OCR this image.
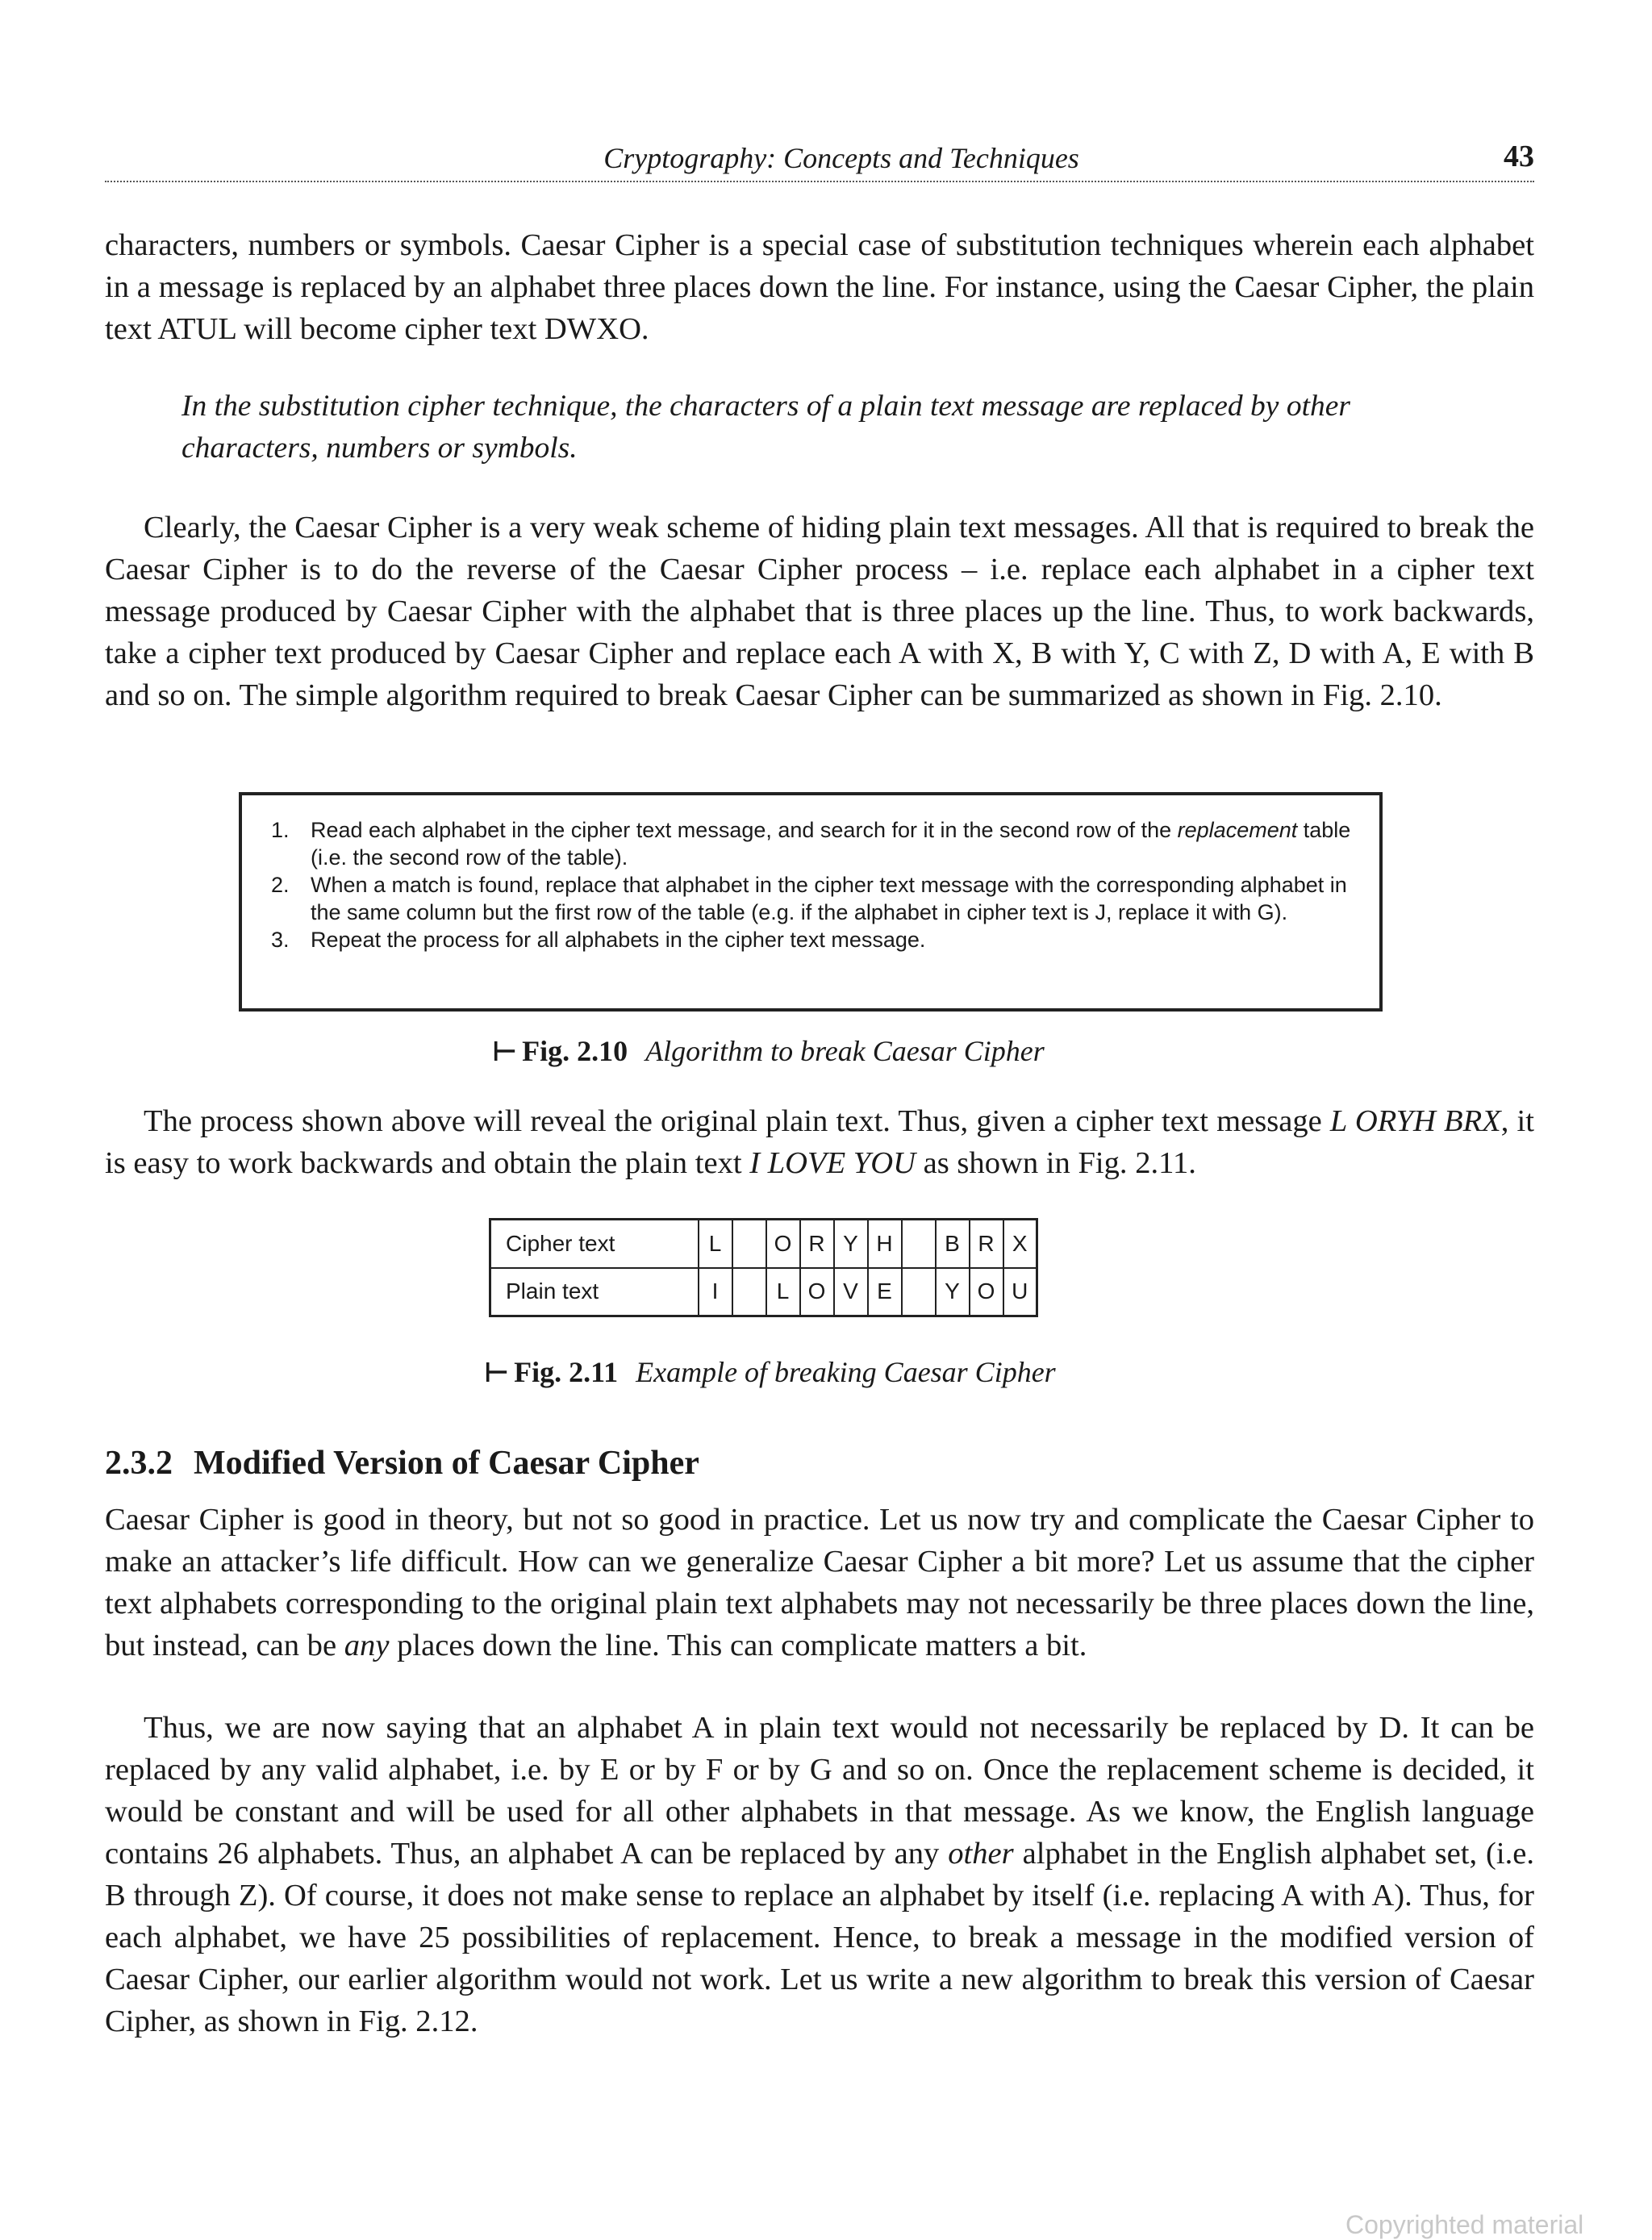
Cryptography: Concepts and Techniques	43

characters, numbers or symbols. Caesar Cipher is a special case of substitution techniques wherein each alphabet in a message is replaced by an alphabet three places down the line. For instance, using the Caesar Cipher, the plain text ATUL will become cipher text DWXO.

In the substitution cipher technique, the characters of a plain text message are replaced by other characters, numbers or symbols.

Clearly, the Caesar Cipher is a very weak scheme of hiding plain text messages. All that is required to break the Caesar Cipher is to do the reverse of the Caesar Cipher process – i.e. replace each alphabet in a cipher text message produced by Caesar Cipher with the alphabet that is three places up the line. Thus, to work backwards, take a cipher text produced by Caesar Cipher and replace each A with X, B with Y, C with Z, D with A, E with B and so on. The simple algorithm required to break Caesar Cipher can be summarized as shown in Fig. 2.10.

1. Read each alphabet in the cipher text message, and search for it in the second row of the replacement table (i.e. the second row of the table).
2. When a match is found, replace that alphabet in the cipher text message with the corresponding alphabet in the same column but the first row of the table (e.g. if the alphabet in cipher text is J, replace it with G).
3. Repeat the process for all alphabets in the cipher text message.
⊢ Fig. 2.10 Algorithm to break Caesar Cipher

The process shown above will reveal the original plain text. Thus, given a cipher text message L ORYH BRX, it is easy to work backwards and obtain the plain text I LOVE YOU as shown in Fig. 2.11.

Cipher text	L		O	R	Y	H		B	R	X
Plain text	I		L	O	V	E		Y	O	U
⊢ Fig. 2.11 Example of breaking Caesar Cipher
2.3.2 Modified Version of Caesar Cipher

Caesar Cipher is good in theory, but not so good in practice. Let us now try and complicate the Caesar Cipher to make an attacker’s life difficult. How can we generalize Caesar Cipher a bit more? Let us assume that the cipher text alphabets corresponding to the original plain text alphabets may not necessarily be three places down the line, but instead, can be any places down the line. This can complicate matters a bit.

Thus, we are now saying that an alphabet A in plain text would not necessarily be replaced by D. It can be replaced by any valid alphabet, i.e. by E or by F or by G and so on. Once the replacement scheme is decided, it would be constant and will be used for all other alphabets in that message. As we know, the English language contains 26 alphabets. Thus, an alphabet A can be replaced by any other alphabet in the English alphabet set, (i.e. B through Z). Of course, it does not make sense to replace an alphabet by itself (i.e. replacing A with A). Thus, for each alphabet, we have 25 possibilities of replacement. Hence, to break a message in the modified version of Caesar Cipher, our earlier algorithm would not work. Let us write a new algorithm to break this version of Caesar Cipher, as shown in Fig. 2.12.

Copyrighted material
